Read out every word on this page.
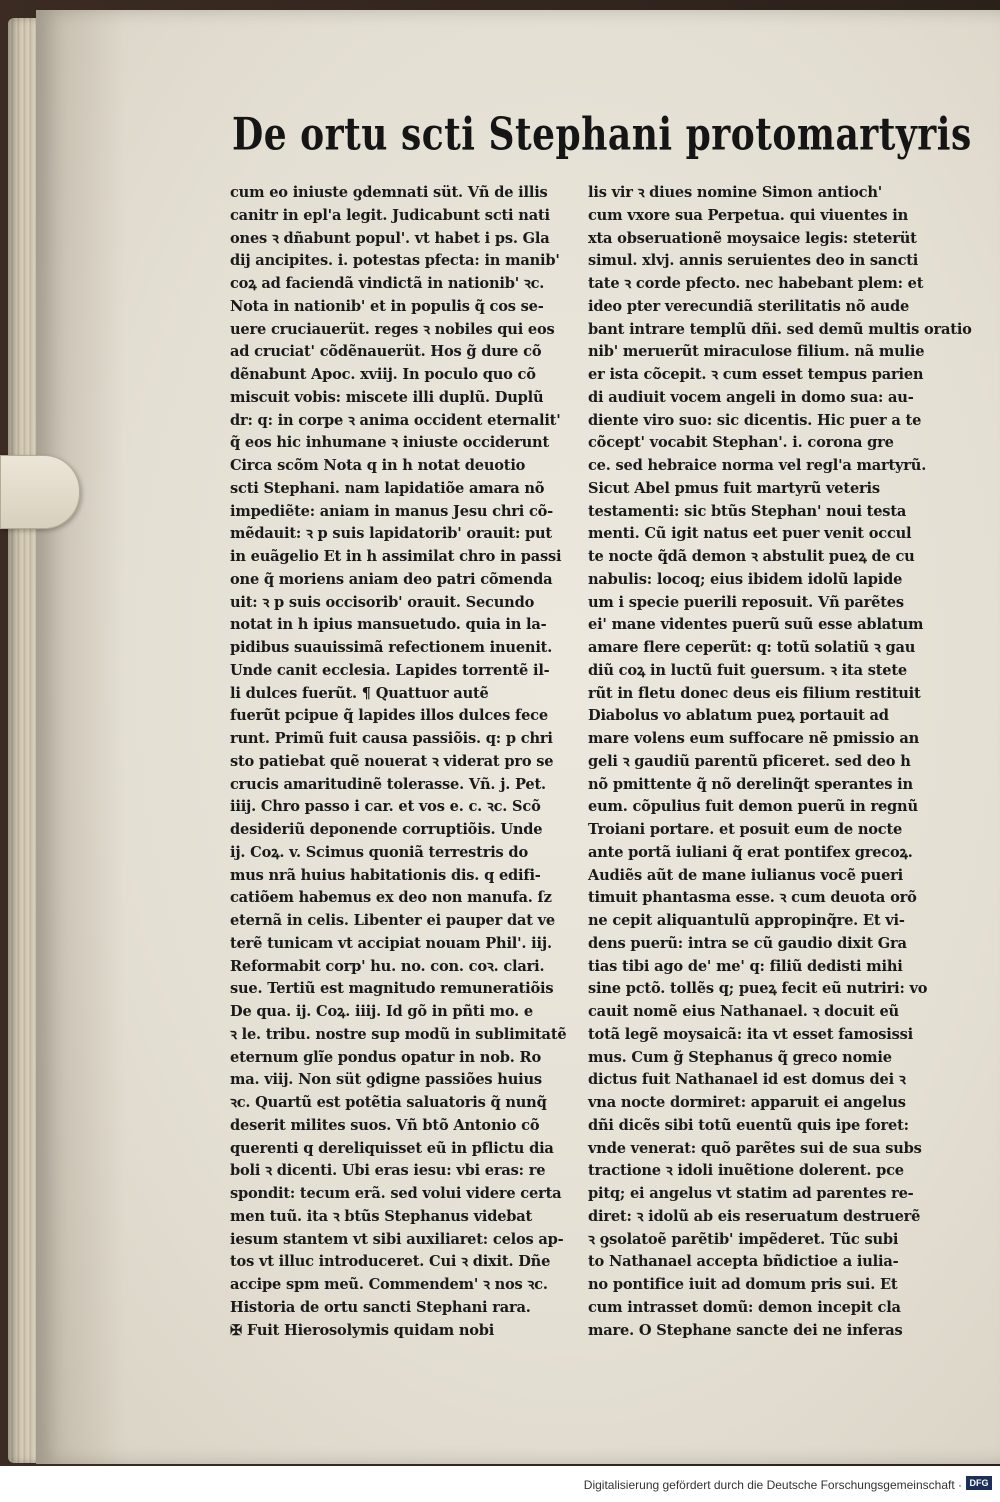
De ortu scti Stephani protomartyris
cum eo iniuste ƍdemnati süt. Vñ de illis
canitr in epl'a legit. Judicabunt scti nati
ones ꝛ dñabunt popul'. vt habet i ps. Gla
dij ancipites. i. potestas pfecta: in manib'
coꝝ ad faciendã vindictã in nationib' ꝛc.
Nota in nationib' et in populis q̃ cos se-
uere cruciauerüt. reges ꝛ nobiles qui eos
ad cruciat' cõdẽnauerüt. Hos g̃ dure cõ
dẽnabunt Apoc. xviij. In poculo quo cõ
miscuit vobis: miscete illi duplũ. Duplũ
dr: q: in corpe ꝛ anima occident eternalit'
q̃ eos hic inhumane ꝛ iniuste occiderunt
Circa scõm Nota q in h notat deuotio
scti Stephani. nam lapidatiõe amara nõ
impediẽte: aniam in manus Jesu chri cõ-
mẽdauit: ꝛ p suis lapidatorib' orauit: put
in euãgelio Et in h assimilat chro in passi
one q̃ moriens aniam deo patri cõmenda
uit: ꝛ p suis occisorib' orauit. Secundo
notat in h ipius mansuetudo. quia in la-
pidibus suauissimã refectionem inuenit.
Unde canit ecclesia. Lapides torrentẽ il-
li dulces fuerũt. ¶ Quattuor autẽ
fuerũt pcipue q̃ lapides illos dulces fece
runt. Primũ fuit causa passiõis. q: p chri
sto patiebat quẽ nouerat ꝛ viderat pro se
crucis amaritudinẽ tolerasse. Vñ. j. Pet.
iiij. Chro passo i car. et vos e. c. ꝛc. Scõ
desideriũ deponende corruptiõis. Unde
ij. Coꝝ. v. Scimus quoniã terrestris do
mus nrã huius habitationis dis. q edifi-
catiõem habemus ex deo non manufa. ſz
eternã in celis. Libenter ei pauper dat ve
terẽ tunicam vt accipiat nouam Phil'. iij.
Reformabit corp' hu. no. con. coꝛ. clari.
sue. Tertiũ est magnitudo remuneratiõis
De qua. ij. Coꝝ. iiij. Id gõ in pñti mo. e
ꝛ le. tribu. nostre sup modũ in sublimitatẽ
eternum glĩe pondus opatur in nob. Ro
ma. viij. Non süt ƍdigne passiões huius
ꝛc. Quartũ est potẽtia saluatoris q̃ nunq̃
deserit milites suos. Vñ btõ Antonio cõ
querenti q dereliquisset eũ in pflictu dia
boli ꝛ dicenti. Ubi eras iesu: vbi eras: re
spondit: tecum erã. sed volui videre certa
men tuũ. ita ꝛ btũs Stephanus videbat
iesum stantem vt sibi auxiliaret: celos ap-
tos vt illuc introduceret. Cui ꝛ dixit. Dñe
accipe spm meũ. Commendem' ꝛ nos ꝛc.
Historia de ortu sancti Stephani rara.
✠ Fuit Hierosolymis quidam nobi
lis vir ꝛ diues nomine Simon antioch'
cum vxore sua Perpetua. qui viuentes in
xta obseruationẽ moysaice legis: steterüt
simul. xlvj. annis seruientes deo in sancti
tate ꝛ corde pfecto. nec habebant plem: et
ideo pter verecundiã sterilitatis nõ aude
bant intrare templũ dñi. sed demũ multis oratio
nib' meruerũt miraculose filium. nã mulie
er ista cõcepit. ꝛ cum esset tempus parien
di audiuit vocem angeli in domo sua: au-
diente viro suo: sic dicentis. Hic puer a te
cõcept' vocabit Stephan'. i. corona gre
ce. sed hebraice norma vel regl'a martyrũ.
Sicut Abel pmus fuit martyrũ veteris
testamenti: sic btũs Stephan' noui testa
menti. Cũ igit natus eet puer venit occul
te nocte q̃dã demon ꝛ abstulit pueꝝ de cu
nabulis: locoq; eius ibidem idolũ lapide
um i specie puerili reposuit. Vñ parẽtes
ei' mane videntes puerũ suũ esse ablatum
amare flere ceperũt: q: totũ solatiũ ꝛ gau
diũ coꝝ in luctũ fuit ƍuersum. ꝛ ita stete
rũt in fletu donec deus eis filium restituit
Diabolus vo ablatum pueꝝ portauit ad
mare volens eum suffocare nẽ pmissio an
geli ꝛ gaudiũ parentũ pficeret. sed deo h
nõ pmittente q̃ nõ derelinq̃t sperantes in
eum. cõpulius fuit demon puerũ in regnũ
Troiani portare. et posuit eum de nocte
ante portã iuliani q̃ erat pontifex grecoꝝ.
Audiẽs aũt de mane iulianus vocẽ pueri
timuit phantasma esse. ꝛ cum deuota orõ
ne cepit aliquantulũ appropinq̃re. Et vi-
dens puerũ: intra se cũ gaudio dixit Gra
tias tibi ago de' me' q: filiũ dedisti mihi
sine pctõ. tollẽs q; pueꝝ fecit eũ nutriri: vo
cauit nomẽ eius Nathanael. ꝛ docuit eũ
totã legẽ moysaicã: ita vt esset famosissi
mus. Cum g̃ Stephanus q̃ greco nomie
dictus fuit Nathanael id est domus dei ꝛ
vna nocte dormiret: apparuit ei angelus
dñi dicẽs sibi totũ euentũ quis ipe foret:
vnde venerat: quõ parẽtes sui de sua subs
tractione ꝛ idoli inuẽtione dolerent. pce
pitq; ei angelus vt statim ad parentes re-
diret: ꝛ idolũ ab eis reseruatum destruerẽ
ꝛ ƍsolatoẽ parẽtib' impẽderet. Tũc subi
to Nathanael accepta bñdictioe a iulia-
no pontifice iuit ad domum pris sui. Et
cum intrasset domũ: demon incepit cla
mare. O Stephane sancte dei ne inferas
Digitalisierung gefördert durch die Deutsche Forschungsgemeinschaft · DFG
